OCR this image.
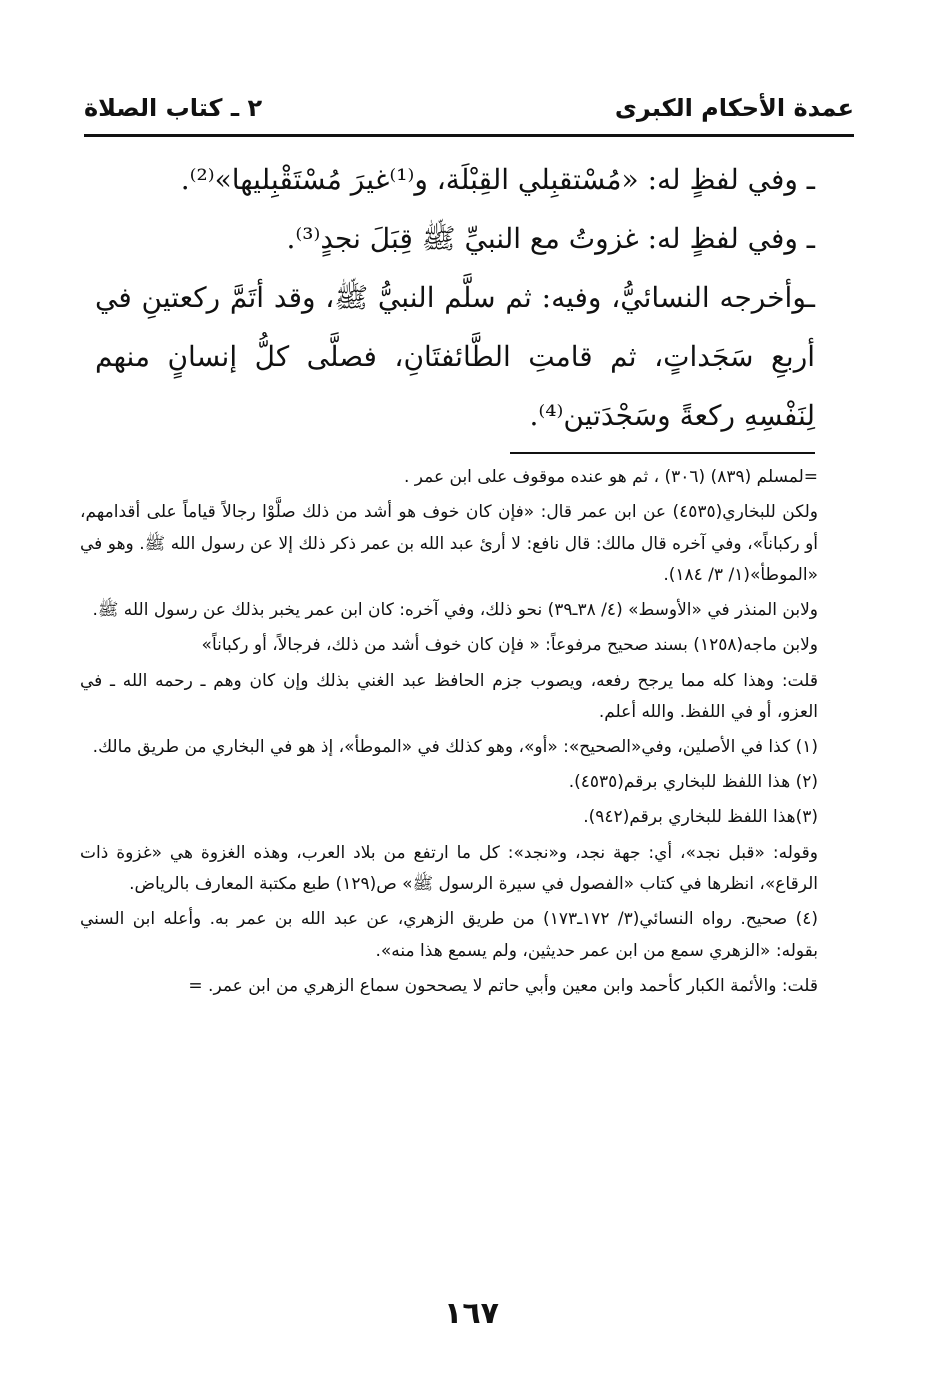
عمدة الأحكام الكبرى
٢ ـ كتاب الصلاة

ـ وفي لفظٍ له: «مُسْتقبِلي القِبْلَة، و⁽¹⁾غيرَ مُسْتَقْبِليها»⁽²⁾.

ـ وفي لفظٍ له: غزوتُ مع النبيِّ ﷺ قِبَلَ نجدٍ⁽³⁾.

ـوأخرجه النسائيُّ، وفيه: ثم سلَّم النبيُّ ﷺ، وقد أتَمَّ ركعتينِ في أربعِ سَجَداتٍ، ثم قامتِ الطَّائفتَانِ، فصلَّى كلُّ إنسانٍ منهم لِنَفْسِهِ ركعةً وسَجْدَتين⁽⁴⁾.

=لمسلم (٨٣٩) (٣٠٦) ، ثم هو عنده موقوف على ابن عمر .

ولكن للبخاري(٤٥٣٥) عن ابن عمر قال: «فإن كان خوف هو أشد من ذلك صلَّوْا رجالاً قياماً على أقدامهم، أو ركباناً»، وفي آخره قال مالك: قال نافع: لا أرئ عبد الله بن عمر ذكر ذلك إلا عن رسول الله ﷺ. وهو في «الموطأ»(١/ ٣/ ١٨٤).

ولابن المنذر في «الأوسط» (٤/ ٣٨ـ٣٩) نحو ذلك، وفي آخره: كان ابن عمر يخبر بذلك عن رسول الله ﷺ.

ولابن ماجه(١٢٥٨) بسند صحيح مرفوعاً: « فإن كان خوف أشد من ذلك، فرجالاً، أو ركباناً»

قلت: وهذا كله مما يرجح رفعه، ويصوب جزم الحافظ عبد الغني بذلك وإن كان وهم ـ رحمه الله ـ في العزو، أو في اللفظ. والله أعلم.

(١) كذا في الأصلين، وفي«الصحيح»: «أو»، وهو كذلك في «الموطأ»، إذ هو في البخاري من طريق مالك.

(٢) هذا اللفظ للبخاري برقم(٤٥٣٥).

(٣)هذا اللفظ للبخاري برقم(٩٤٢).

وقوله: «قبل نجد»، أي: جهة نجد، و«نجد»: كل ما ارتفع من بلاد العرب، وهذه الغزوة هي «غزوة ذات الرقاع»، انظرها في كتاب «الفصول في سيرة الرسول ﷺ» ص(١٢٩) طبع مكتبة المعارف بالرياض.

(٤) صحيح. رواه النسائي(٣/ ١٧٢ـ١٧٣) من طريق الزهري، عن عبد الله بن عمر به. وأعله ابن السني بقوله: «الزهري سمع من ابن عمر حديثين، ولم يسمع هذا منه».

قلت: والأئمة الكبار كأحمد وابن معين وأبي حاتم لا يصححون سماع الزهري من ابن عمر. =

١٦٧
